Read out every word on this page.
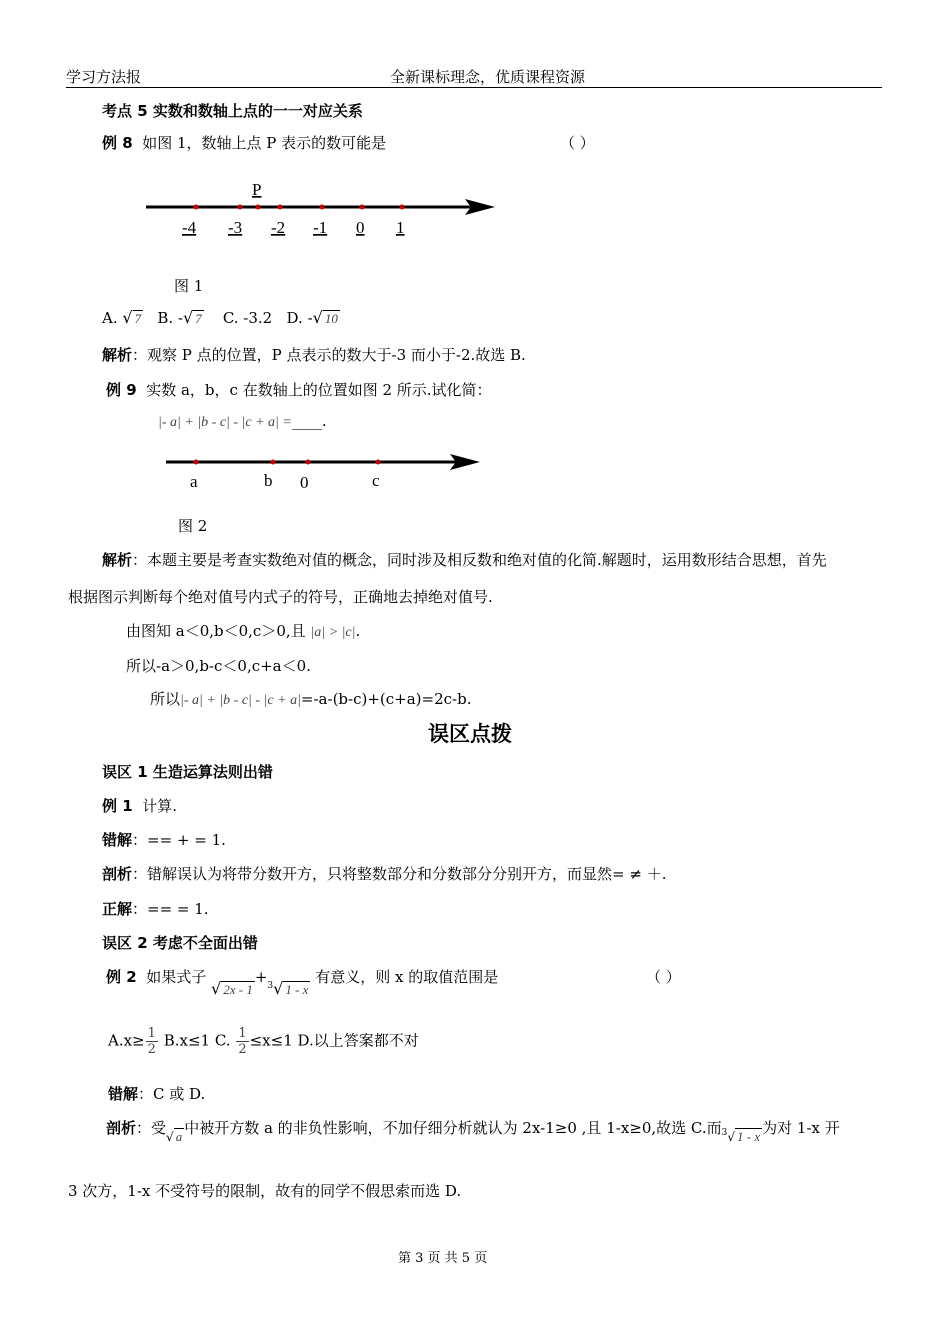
学习方法报	全新课标理念，优质课程资源
考点 5 实数和数轴上点的一一对应关系
例 8 如图 1，数轴上点 P 表示的数可能是	（ ）
P
-4 -3 -2 -1 0 1
图 1
A. √ 7 B. -√ 7 C. -3.2 D. -√ 10
解析：观察 P 点的位置，P 点表示的数大于-3 而小于-2.故选 B.
例 9 实数 a，b，c 在数轴上的位置如图 2 所示.试化简：
|- a| + |b - c| - |c + a| =____.
a	b 0	c
图 2
解析：本题主要是考查实数绝对值的概念，同时涉及相反数和绝对值的化简.解题时，运用数形结合思想，首先
根据图示判断每个绝对值号内式子的符号，正确地去掉绝对值号.
由图知 a＜0,b＜0,c＞0,且 |a| > |c|.
所以-a＞0,b-c＜0,c+a＜0.
所以|- a| + |b - c| - |c + a|=-a-(b-c)+(c+a)=2c-b.
误区点拨
误区 1 生造运算法则出错
例 1 计算.
错解：== + = 1.
剖析：错解误认为将带分数开方，只将整数部分和分数部分分别开方，而显然= ≠ ＋.
正解：== = 1.
误区 2 考虑不全面出错
例 2 如果式子 √ 2x - 1+$^3$√ 1 - x 有意义，则 x 的取值范围是	（ ）
$A.x\ge \frac{1}{2} B.x\le 1$ C. $\frac{1}{2} \le x\le 1$ D.以上答案都不对
错解：C 或 D.
剖析：受√ a 中被开方数 a 的非负性影响，不加仔细分析就认为 2x-1≥0 ,且 1-x≥0,故选 C.而$^3$√ 1 - x 为对 1-x 开
3 次方，1-x 不受符号的限制，故有的同学不假思索而选 D.
第 3 页 共 5 页
